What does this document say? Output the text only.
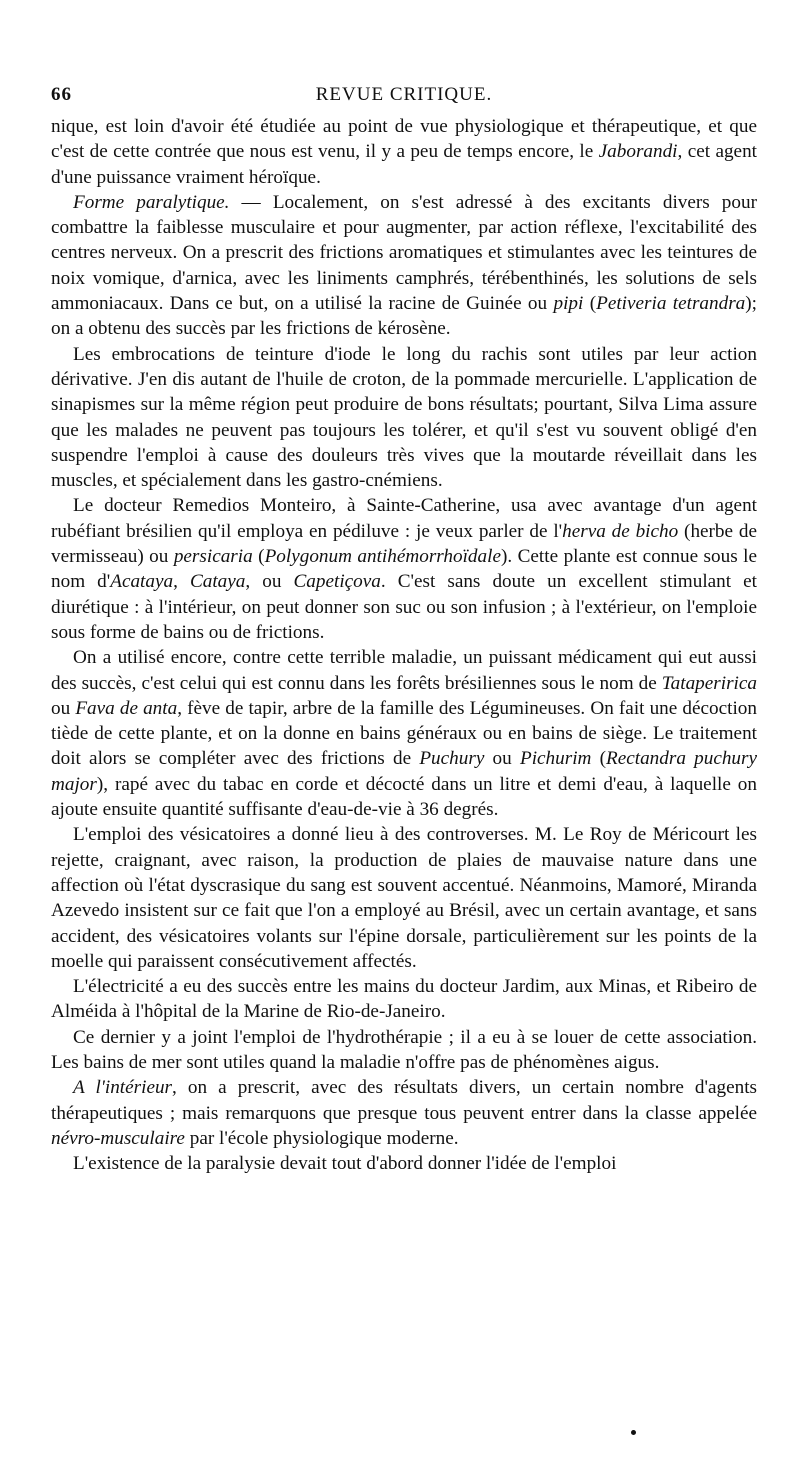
66	REVUE CRITIQUE.

nique, est loin d'avoir été étudiée au point de vue physiologique et thérapeutique, et que c'est de cette contrée que nous est venu, il y a peu de temps encore, le Jaborandi, cet agent d'une puissance vraiment héroïque.

Forme paralytique. — Localement, on s'est adressé à des excitants divers pour combattre la faiblesse musculaire et pour augmenter, par action réflexe, l'excitabilité des centres nerveux. On a prescrit des frictions aromatiques et stimulantes avec les teintures de noix vomique, d'arnica, avec les liniments camphrés, térébenthinés, les solutions de sels ammoniacaux. Dans ce but, on a utilisé la racine de Guinée ou pipi (Petiveria tetrandra); on a obtenu des succès par les frictions de kérosène.

Les embrocations de teinture d'iode le long du rachis sont utiles par leur action dérivative. J'en dis autant de l'huile de croton, de la pommade mercurielle. L'application de sinapismes sur la même région peut produire de bons résultats; pourtant, Silva Lima assure que les malades ne peuvent pas toujours les tolérer, et qu'il s'est vu souvent obligé d'en suspendre l'emploi à cause des douleurs très vives que la moutarde réveillait dans les muscles, et spécialement dans les gastro-cnémiens.

Le docteur Remedios Monteiro, à Sainte-Catherine, usa avec avantage d'un agent rubéfiant brésilien qu'il employa en pédiluve : je veux parler de l'herva de bicho (herbe de vermisseau) ou persicaria (Polygonum antihémorrhoïdale). Cette plante est connue sous le nom d'Acataya, Cataya, ou Capetiçova. C'est sans doute un excellent stimulant et diurétique : à l'intérieur, on peut donner son suc ou son infusion ; à l'extérieur, on l'emploie sous forme de bains ou de frictions.

On a utilisé encore, contre cette terrible maladie, un puissant médicament qui eut aussi des succès, c'est celui qui est connu dans les forêts brésiliennes sous le nom de Tataperirica ou Fava de anta, fève de tapir, arbre de la famille des Légumineuses. On fait une décoction tiède de cette plante, et on la donne en bains généraux ou en bains de siège. Le traitement doit alors se compléter avec des frictions de Puchury ou Pichurim (Rectandra puchury major), rapé avec du tabac en corde et décocté dans un litre et demi d'eau, à laquelle on ajoute ensuite quantité suffisante d'eau-de-vie à 36 degrés.

L'emploi des vésicatoires a donné lieu à des controverses. M. Le Roy de Méricourt les rejette, craignant, avec raison, la production de plaies de mauvaise nature dans une affection où l'état dyscrasique du sang est souvent accentué. Néanmoins, Mamoré, Miranda Azevedo insistent sur ce fait que l'on a employé au Brésil, avec un certain avantage, et sans accident, des vésicatoires volants sur l'épine dorsale, particulièrement sur les points de la moelle qui paraissent consécutivement affectés.

L'électricité a eu des succès entre les mains du docteur Jardim, aux Minas, et Ribeiro de Alméida à l'hôpital de la Marine de Rio-de-Janeiro.

Ce dernier y a joint l'emploi de l'hydrothérapie ; il a eu à se louer de cette association. Les bains de mer sont utiles quand la maladie n'offre pas de phénomènes aigus.

A l'intérieur, on a prescrit, avec des résultats divers, un certain nombre d'agents thérapeutiques ; mais remarquons que presque tous peuvent entrer dans la classe appelée névro-musculaire par l'école physiologique moderne.

L'existence de la paralysie devait tout d'abord donner l'idée de l'emploi
